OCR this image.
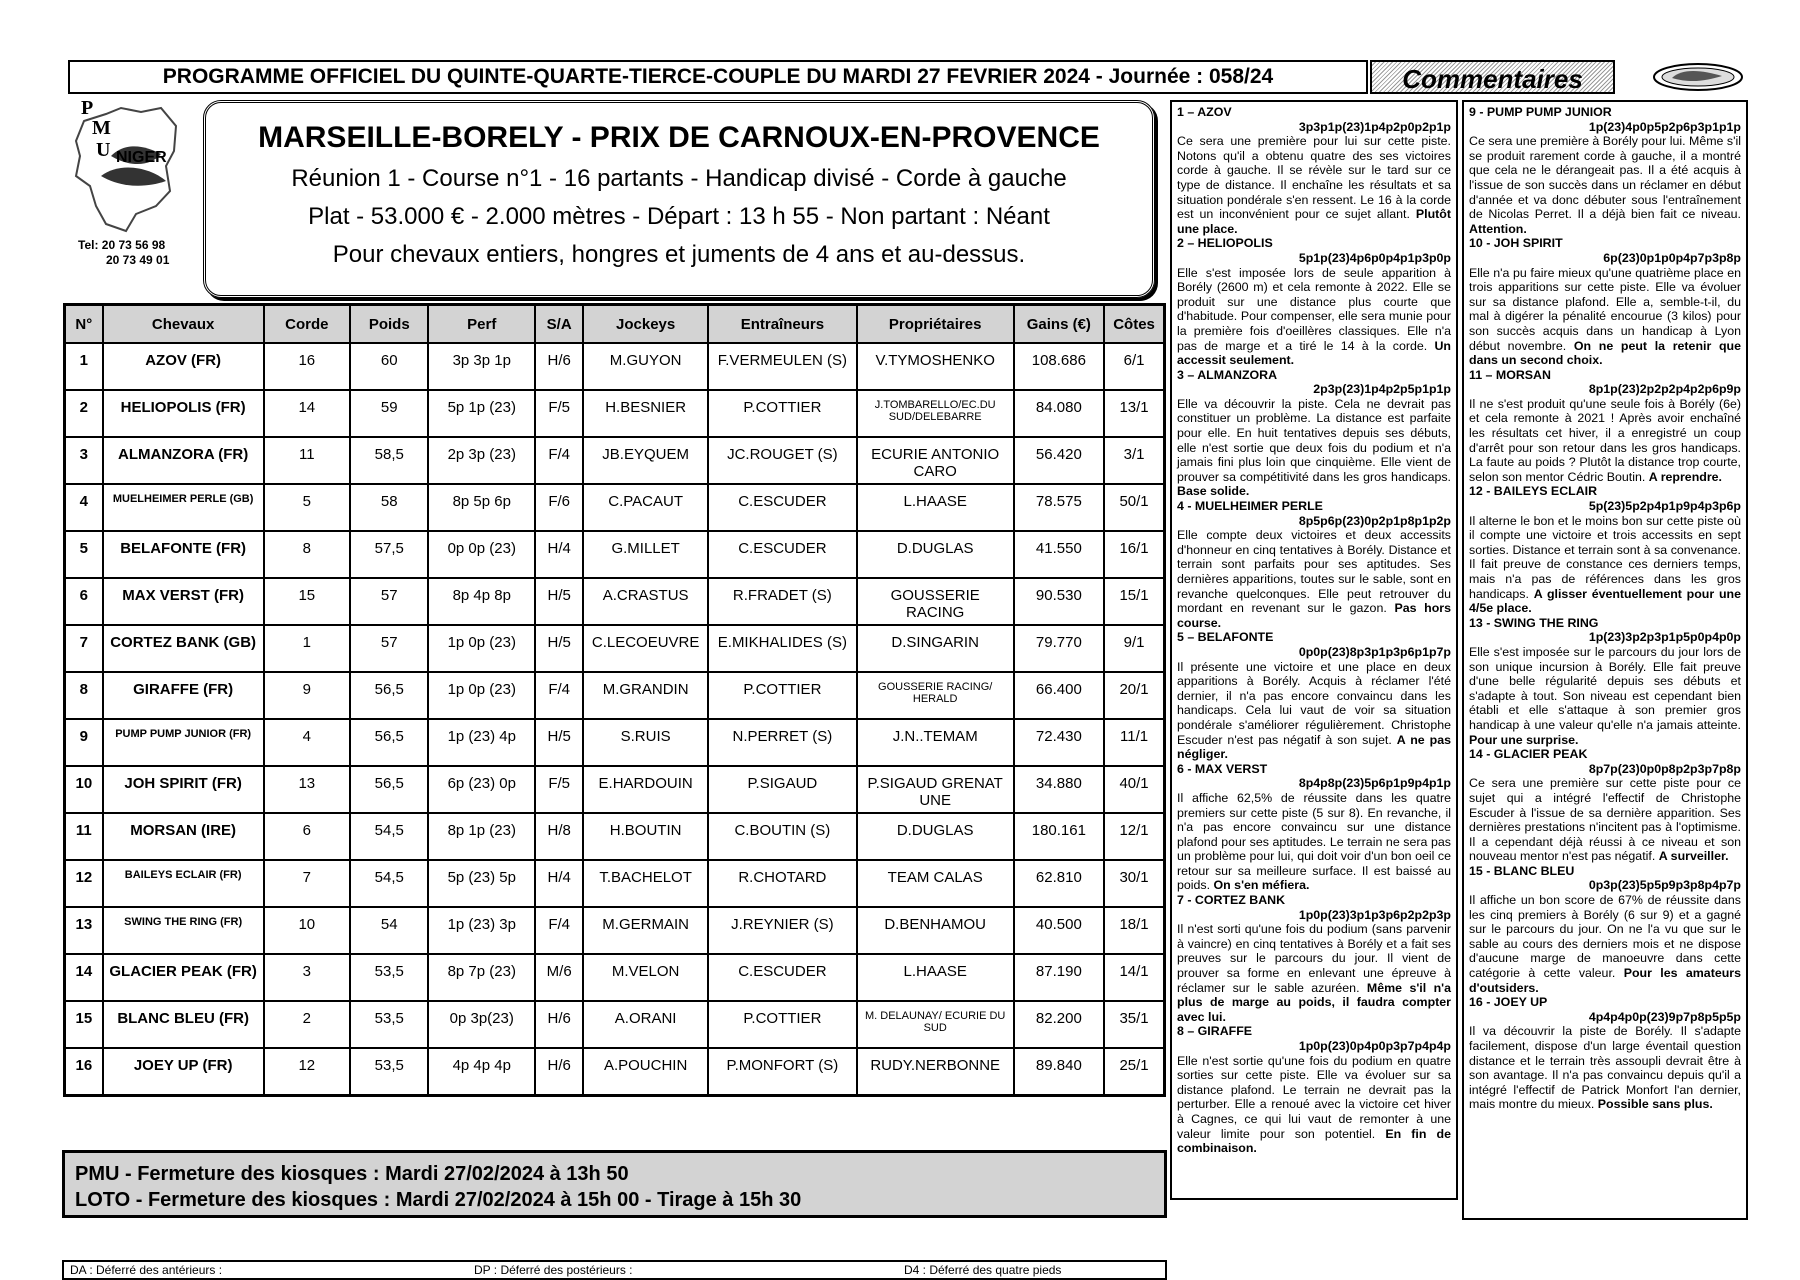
PROGRAMME OFFICIEL DU QUINTE-QUARTE-TIERCE-COUPLE DU MARDI 27 FEVRIER 2024 - Journée : 058/24	Commentaires
P
M
U NIGER
Tel: 20 73 56 98
20 73 49 01
MARSEILLE-BORELY - PRIX DE CARNOUX-EN-PROVENCE
Réunion 1 - Course n°1 - 16 partants - Handicap divisé - Corde à gauche
Plat - 53.000 € - 2.000 mètres - Départ : 13 h 55 - Non partant : Néant
Pour chevaux entiers, hongres et juments de 4 ans et au-dessus.
N°	Chevaux	Corde	Poids	Perf	S/A	Jockeys	Entraîneurs	Propriétaires	Gains (€)	Côtes
1	AZOV (FR)	16	60	3p 3p 1p	H/6	M.GUYON	F.VERMEULEN (S)	V.TYMOSHENKO	108.686	6/1
2	HELIOPOLIS (FR)	14	59	5p 1p (23)	F/5	H.BESNIER	P.COTTIER	J.TOMBARELLO/EC.DU SUD/DELEBARRE	84.080	13/1
3	ALMANZORA (FR)	11	58,5	2p 3p (23)	F/4	JB.EYQUEM	JC.ROUGET (S)	ECURIE ANTONIO CARO	56.420	3/1
4	MUELHEIMER PERLE (GB)	5	58	8p 5p 6p	F/6	C.PACAUT	C.ESCUDER	L.HAASE	78.575	50/1
5	BELAFONTE (FR)	8	57,5	0p 0p (23)	H/4	G.MILLET	C.ESCUDER	D.DUGLAS	41.550	16/1
6	MAX VERST (FR)	15	57	8p 4p 8p	H/5	A.CRASTUS	R.FRADET (S)	GOUSSERIE RACING	90.530	15/1
7	CORTEZ BANK (GB)	1	57	1p 0p (23)	H/5	C.LECOEUVRE	E.MIKHALIDES (S)	D.SINGARIN	79.770	9/1
8	GIRAFFE (FR)	9	56,5	1p 0p (23)	F/4	M.GRANDIN	P.COTTIER	GOUSSERIE RACING/ HERALD	66.400	20/1
9	PUMP PUMP JUNIOR (FR)	4	56,5	1p (23) 4p	H/5	S.RUIS	N.PERRET (S)	J.N..TEMAM	72.430	11/1
10	JOH SPIRIT (FR)	13	56,5	6p (23) 0p	F/5	E.HARDOUIN	P.SIGAUD	P.SIGAUD GRENAT UNE	34.880	40/1
11	MORSAN (IRE)	6	54,5	8p 1p (23)	H/8	H.BOUTIN	C.BOUTIN (S)	D.DUGLAS	180.161	12/1
12	BAILEYS ECLAIR (FR)	7	54,5	5p (23) 5p	H/4	T.BACHELOT	R.CHOTARD	TEAM CALAS	62.810	30/1
13	SWING THE RING (FR)	10	54	1p (23) 3p	F/4	M.GERMAIN	J.REYNIER (S)	D.BENHAMOU	40.500	18/1
14	GLACIER PEAK (FR)	3	53,5	8p 7p (23)	M/6	M.VELON	C.ESCUDER	L.HAASE	87.190	14/1
15	BLANC BLEU (FR)	2	53,5	0p 3p(23)	H/6	A.ORANI	P.COTTIER	M. DELAUNAY/ ECURIE DU SUD	82.200	35/1
16	JOEY UP (FR)	12	53,5	4p 4p 4p	H/6	A.POUCHIN	P.MONFORT (S)	RUDY.NERBONNE	89.840	25/1
PMU - Fermeture des kiosques : Mardi 27/02/2024 à 13h 50
LOTO - Fermeture des kiosques : Mardi 27/02/2024 à 15h 00 - Tirage à 15h 30
DA : Déferré des antérieurs :	DP : Déferré des postérieurs :	D4 : Déferré des quatre pieds
1 – AZOV
3p3p1p(23)1p4p2p0p2p1p
Ce sera une première pour lui sur cette piste. Notons qu'il a obtenu quatre des ses victoires corde à gauche. Il se révèle sur le tard sur ce type de distance. Il enchaîne les résultats et sa situation pondérale s'en ressent. Le 16 à la corde est un inconvénient pour ce sujet allant. Plutôt une place.
2 – HELIOPOLIS
5p1p(23)4p6p0p4p1p3p0p
Elle s'est imposée lors de seule apparition à Borély (2600 m) et cela remonte à 2022. Elle se produit sur une distance plus courte que d'habitude. Pour compenser, elle sera munie pour la première fois d'oeillères classiques. Elle n'a pas de marge et a tiré le 14 à la corde. Un accessit seulement.
3 – ALMANZORA
2p3p(23)1p4p2p5p1p1p
Elle va découvrir la piste. Cela ne devrait pas constituer un problème. La distance est parfaite pour elle. En huit tentatives depuis ses débuts, elle n'est sortie que deux fois du podium et n'a jamais fini plus loin que cinquième. Elle vient de prouver sa compétitivité dans les gros handicaps. Base solide.
4 - MUELHEIMER PERLE
8p5p6p(23)0p2p1p8p1p2p
Elle compte deux victoires et deux accessits d'honneur en cinq tentatives à Borély. Distance et terrain sont parfaits pour ses aptitudes. Ses dernières apparitions, toutes sur le sable, sont en revanche quelconques. Elle peut retrouver du mordant en revenant sur le gazon. Pas hors course.
5 – BELAFONTE
0p0p(23)8p3p1p3p6p1p7p
Il présente une victoire et une place en deux apparitions à Borély. Acquis à réclamer l'été dernier, il n'a pas encore convaincu dans les handicaps. Cela lui vaut de voir sa situation pondérale s'améliorer régulièrement. Christophe Escuder n'est pas négatif à son sujet. A ne pas négliger.
6 - MAX VERST
8p4p8p(23)5p6p1p9p4p1p
Il affiche 62,5% de réussite dans les quatre premiers sur cette piste (5 sur 8). En revanche, il n'a pas encore convaincu sur une distance plafond pour ses aptitudes. Le terrain ne sera pas un problème pour lui, qui doit voir d'un bon oeil ce retour sur sa meilleure surface. Il est baissé au poids. On s'en méfiera.
7 - CORTEZ BANK
1p0p(23)3p1p3p6p2p2p3p
Il n'est sorti qu'une fois du podium (sans parvenir à vaincre) en cinq tentatives à Borély et a fait ses preuves sur le parcours du jour. Il vient de prouver sa forme en enlevant une épreuve à réclamer sur le sable azuréen. Même s'il n'a plus de marge au poids, il faudra compter avec lui.
8 – GIRAFFE
1p0p(23)0p4p0p3p7p4p4p
Elle n'est sortie qu'une fois du podium en quatre sorties sur cette piste. Elle va évoluer sur sa distance plafond. Le terrain ne devrait pas la perturber. Elle a renoué avec la victoire cet hiver à Cagnes, ce qui lui vaut de remonter à une valeur limite pour son potentiel. En fin de combinaison.
9 - PUMP PUMP JUNIOR
1p(23)4p0p5p2p6p3p1p1p
Ce sera une première à Borély pour lui. Même s'il se produit rarement corde à gauche, il a montré que cela ne le dérangeait pas. Il a été acquis à l'issue de son succès dans un réclamer en début d'année et va donc débuter sous l'entraînement de Nicolas Perret. Il a déjà bien fait ce niveau. Attention.
10 - JOH SPIRIT
6p(23)0p1p0p4p7p3p8p
Elle n'a pu faire mieux qu'une quatrième place en trois apparitions sur cette piste. Elle va évoluer sur sa distance plafond. Elle a, semble-t-il, du mal à digérer la pénalité encourue (3 kilos) pour son succès acquis dans un handicap à Lyon début novembre. On ne peut la retenir que dans un second choix.
11 – MORSAN
8p1p(23)2p2p2p4p2p6p9p
Il ne s'est produit qu'une seule fois à Borély (6e) et cela remonte à 2021 ! Après avoir enchaîné les résultats cet hiver, il a enregistré un coup d'arrêt pour son retour dans les gros handicaps. La faute au poids ? Plutôt la distance trop courte, selon son mentor Cédric Boutin. A reprendre.
12 - BAILEYS ECLAIR
5p(23)5p2p4p1p9p4p3p6p
Il alterne le bon et le moins bon sur cette piste où il compte une victoire et trois accessits en sept sorties. Distance et terrain sont à sa convenance. Il fait preuve de constance ces derniers temps, mais n'a pas de références dans les gros handicaps. A glisser éventuellement pour une 4/5e place.
13 - SWING THE RING
1p(23)3p2p3p1p5p0p4p0p
Elle s'est imposée sur le parcours du jour lors de son unique incursion à Borély. Elle fait preuve d'une belle régularité depuis ses débuts et s'adapte à tout. Son niveau est cependant bien établi et elle s'attaque à son premier gros handicap à une valeur qu'elle n'a jamais atteinte. Pour une surprise.
14 - GLACIER PEAK
8p7p(23)0p0p8p2p3p7p8p
Ce sera une première sur cette piste pour ce sujet qui a intégré l'effectif de Christophe Escuder à l'issue de sa dernière apparition. Ses dernières prestations n'incitent pas à l'optimisme. Il a cependant déjà réussi à ce niveau et son nouveau mentor n'est pas négatif. A surveiller.
15 - BLANC BLEU
0p3p(23)5p5p9p3p8p4p7p
Il affiche un bon score de 67% de réussite dans les cinq premiers à Borély (6 sur 9) et a gagné sur le parcours du jour. On ne l'a vu que sur le sable au cours des derniers mois et ne dispose d'aucune marge de manoeuvre dans cette catégorie à cette valeur. Pour les amateurs d'outsiders.
16 - JOEY UP
4p4p4p0p(23)9p7p8p5p5p
Il va découvrir la piste de Borély. Il s'adapte facilement, dispose d'un large éventail question distance et le terrain très assoupli devrait être à son avantage. Il n'a pas convaincu depuis qu'il a intégré l'effectif de Patrick Monfort l'an dernier, mais montre du mieux. Possible sans plus.
